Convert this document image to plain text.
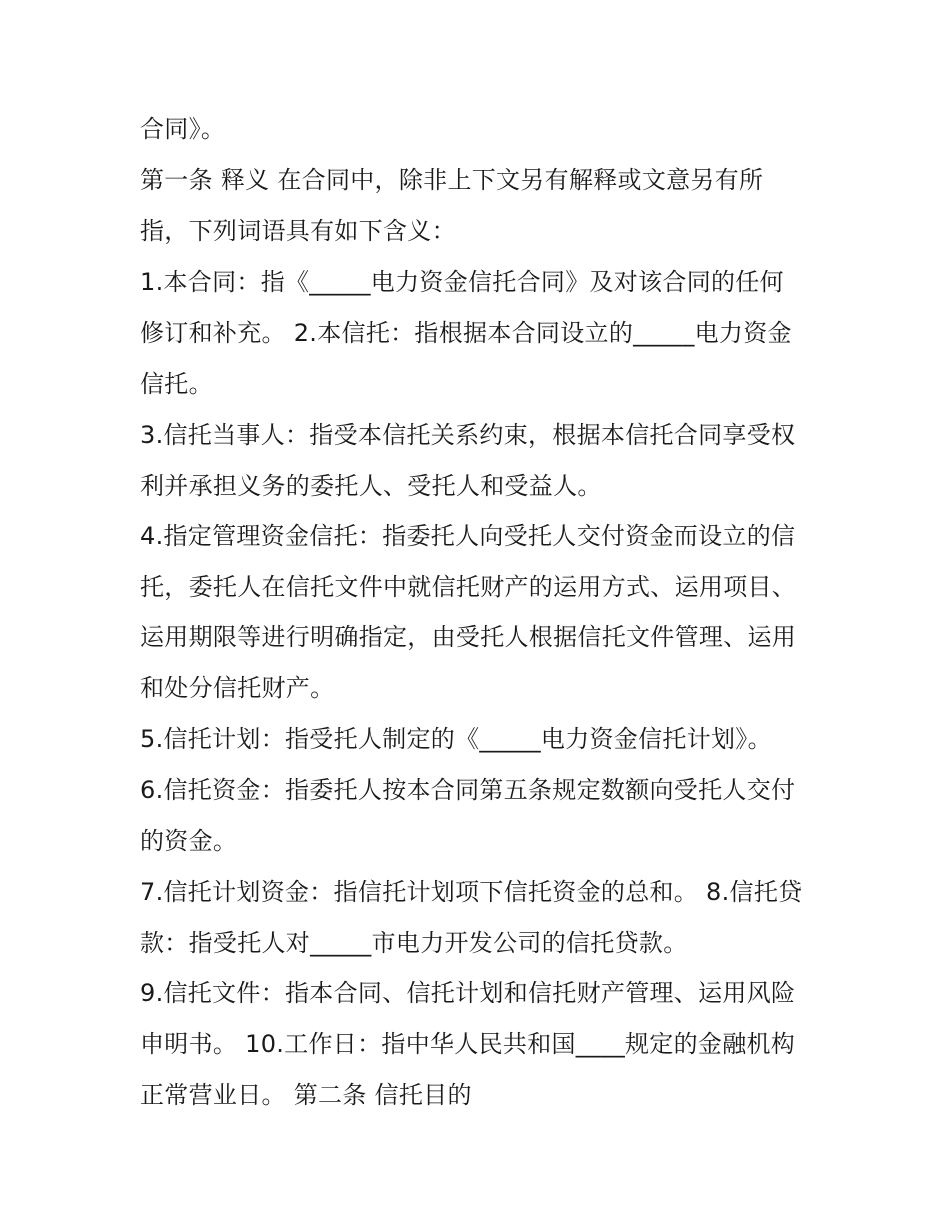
合同》。
第一条 释义 在合同中，除非上下文另有解释或文意另有所
指，下列词语具有如下含义：
1.本合同：指《_____电力资金信托合同》及对该合同的任何
修订和补充。 2.本信托：指根据本合同设立的_____电力资金
信托。
3.信托当事人：指受本信托关系约束，根据本信托合同享受权
利并承担义务的委托人、受托人和受益人。
4.指定管理资金信托：指委托人向受托人交付资金而设立的信
托，委托人在信托文件中就信托财产的运用方式、运用项目、
运用期限等进行明确指定，由受托人根据信托文件管理、运用
和处分信托财产。
5.信托计划：指受托人制定的《_____电力资金信托计划》。
6.信托资金：指委托人按本合同第五条规定数额向受托人交付
的资金。
7.信托计划资金：指信托计划项下信托资金的总和。 8.信托贷
款：指受托人对_____市电力开发公司的信托贷款。
9.信托文件：指本合同、信托计划和信托财产管理、运用风险
申明书。 10.工作日：指中华人民共和国____规定的金融机构
正常营业日。 第二条 信托目的
